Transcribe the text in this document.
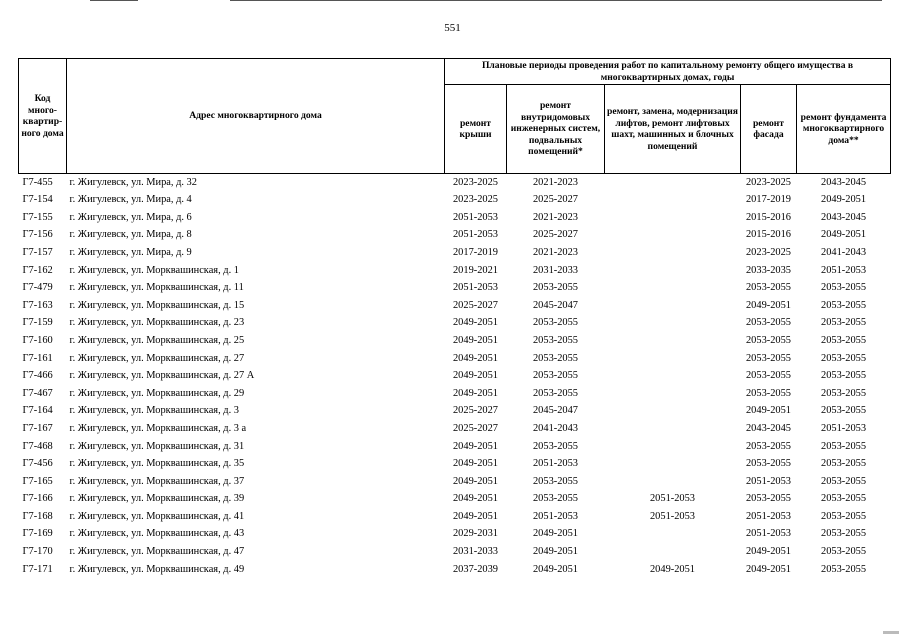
551
Код много-квартир-ного дома	Адрес многоквартирного дома	Плановые периоды проведения работ по капитальному ремонту общего имущества в многоквартирных домах, годы				
		ремонт крыши	ремонт внутридомовых инженерных систем, подвальных помещений*	ремонт, замена, модернизация лифтов, ремонт лифтовых шахт, машинных и блочных помещений	ремонт фасада	ремонт фундамента многоквартирного дома**
Г7-455	г. Жигулевск, ул. Мира, д. 32	2023-2025	2021-2023		2023-2025	2043-2045
Г7-154	г. Жигулевск, ул. Мира, д. 4	2023-2025	2025-2027		2017-2019	2049-2051
Г7-155	г. Жигулевск, ул. Мира, д. 6	2051-2053	2021-2023		2015-2016	2043-2045
Г7-156	г. Жигулевск, ул. Мира, д. 8	2051-2053	2025-2027		2015-2016	2049-2051
Г7-157	г. Жигулевск, ул. Мира, д. 9	2017-2019	2021-2023		2023-2025	2041-2043
Г7-162	г. Жигулевск, ул. Морквашинская, д. 1	2019-2021	2031-2033		2033-2035	2051-2053
Г7-479	г. Жигулевск, ул. Морквашинская, д. 11	2051-2053	2053-2055		2053-2055	2053-2055
Г7-163	г. Жигулевск, ул. Морквашинская, д. 15	2025-2027	2045-2047		2049-2051	2053-2055
Г7-159	г. Жигулевск, ул. Морквашинская, д. 23	2049-2051	2053-2055		2053-2055	2053-2055
Г7-160	г. Жигулевск, ул. Морквашинская, д. 25	2049-2051	2053-2055		2053-2055	2053-2055
Г7-161	г. Жигулевск, ул. Морквашинская, д. 27	2049-2051	2053-2055		2053-2055	2053-2055
Г7-466	г. Жигулевск, ул. Морквашинская, д. 27 А	2049-2051	2053-2055		2053-2055	2053-2055
Г7-467	г. Жигулевск, ул. Морквашинская, д. 29	2049-2051	2053-2055		2053-2055	2053-2055
Г7-164	г. Жигулевск, ул. Морквашинская, д. 3	2025-2027	2045-2047		2049-2051	2053-2055
Г7-167	г. Жигулевск, ул. Морквашинская, д. 3 а	2025-2027	2041-2043		2043-2045	2051-2053
Г7-468	г. Жигулевск, ул. Морквашинская, д. 31	2049-2051	2053-2055		2053-2055	2053-2055
Г7-456	г. Жигулевск, ул. Морквашинская, д. 35	2049-2051	2051-2053		2053-2055	2053-2055
Г7-165	г. Жигулевск, ул. Морквашинская, д. 37	2049-2051	2053-2055		2051-2053	2053-2055
Г7-166	г. Жигулевск, ул. Морквашинская, д. 39	2049-2051	2053-2055	2051-2053	2053-2055	2053-2055
Г7-168	г. Жигулевск, ул. Морквашинская, д. 41	2049-2051	2051-2053	2051-2053	2051-2053	2053-2055
Г7-169	г. Жигулевск, ул. Морквашинская, д. 43	2029-2031	2049-2051		2051-2053	2053-2055
Г7-170	г. Жигулевск, ул. Морквашинская, д. 47	2031-2033	2049-2051		2049-2051	2053-2055
Г7-171	г. Жигулевск, ул. Морквашинская, д. 49	2037-2039	2049-2051	2049-2051	2049-2051	2053-2055
